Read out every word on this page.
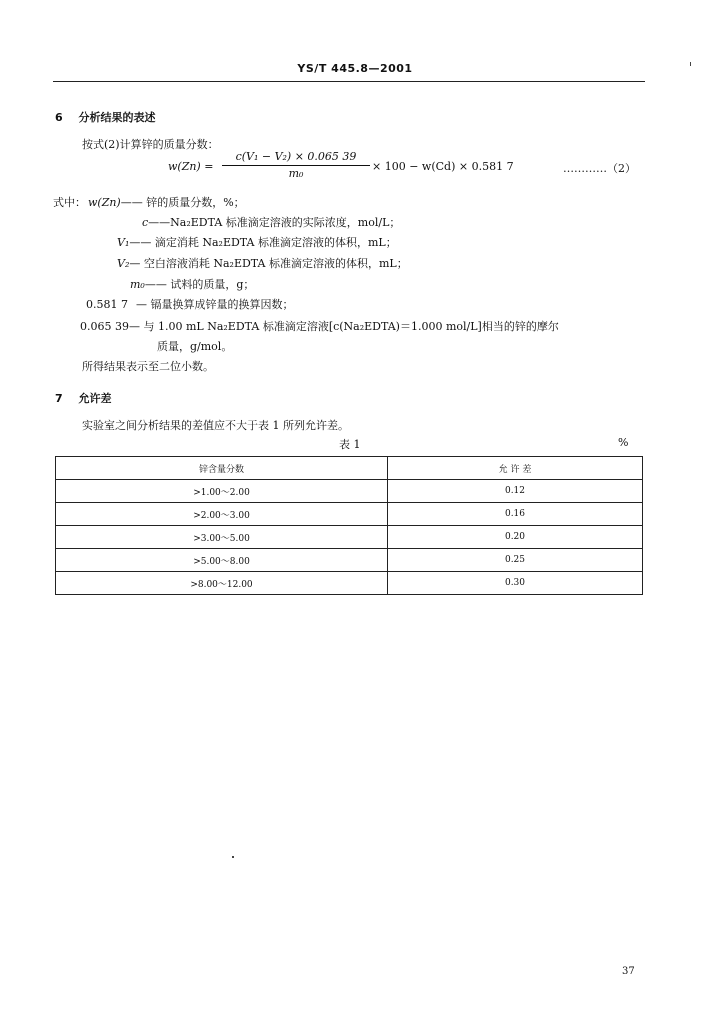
YS/T 445.8—2001
6 分析结果的表述
按式(2)计算锌的质量分数：
w(Zn) =
c(V₁ − V₂) × 0.065 39
m₀
× 100 − w(Cd) × 0.581 7	…………（2）
式中： w(Zn)—— 锌的质量分数，%；
c——Na₂EDTA 标准滴定溶液的实际浓度，mol/L；
V₁—— 滴定消耗 Na₂EDTA 标准滴定溶液的体积，mL；
V₂— 空白溶液消耗 Na₂EDTA 标准滴定溶液的体积，mL；
m₀—— 试料的质量，g；
0.581 7 — 镉量换算成锌量的换算因数；
0.065 39— 与 1.00 mL Na₂EDTA 标准滴定溶液[c(Na₂EDTA)＝1.000 mol/L]相当的锌的摩尔
质量，g/mol。
所得结果表示至二位小数。
7 允许差
实验室之间分析结果的差值应不大于表 1 所列允许差。
表 1	%
锌含量分数	允 许 差
>1.00～2.00	0.12
>2.00～3.00	0.16
>3.00～5.00	0.20
>5.00～8.00	0.25
>8.00～12.00	0.30
37
